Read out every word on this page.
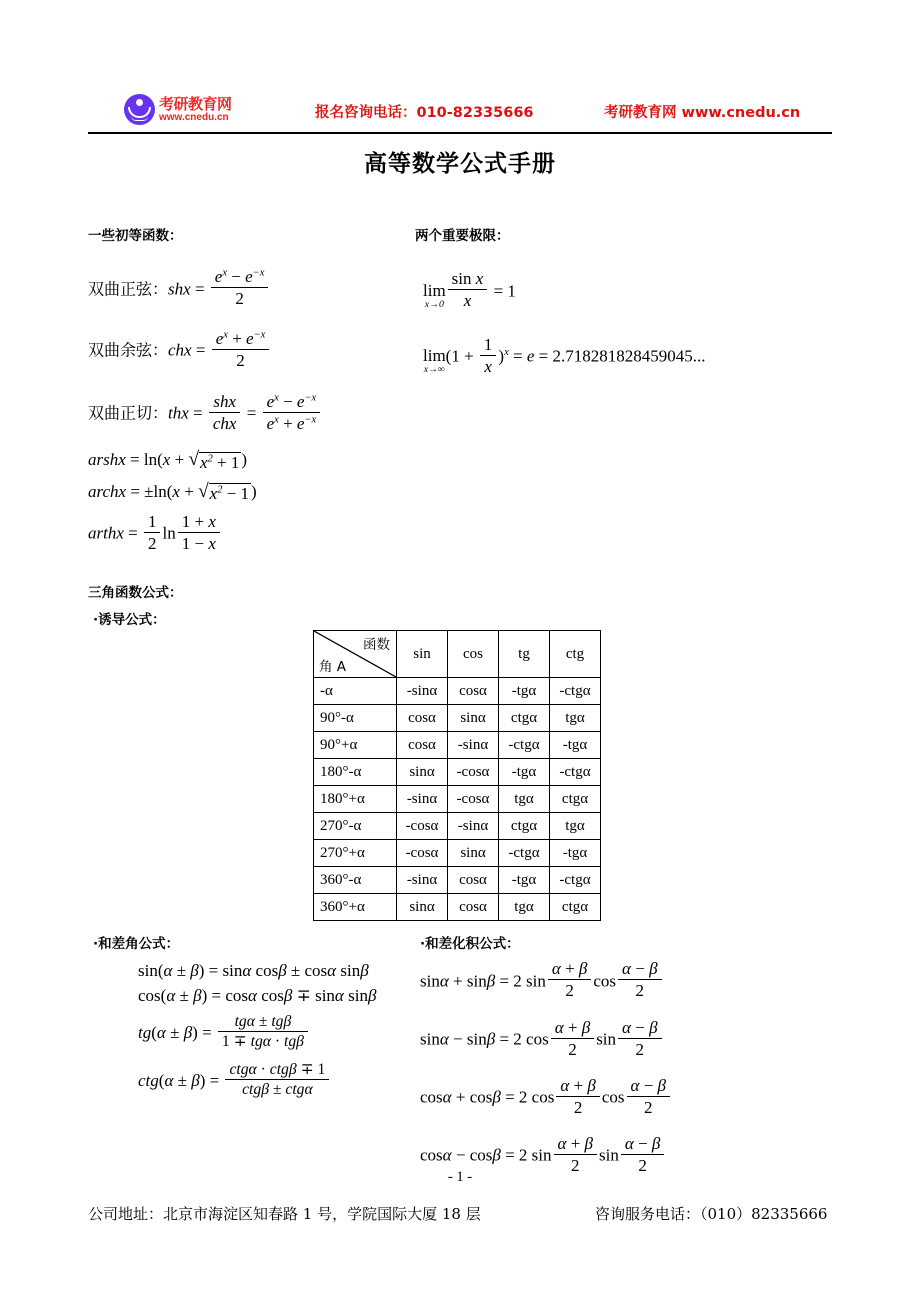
考研教育网
www.cnedu.cn	报名咨询电话：010-82335666	考研教育网 www.cnedu.cn
高等数学公式手册
一些初等函数：
双曲正弦：shx = $\frac{e^x - e^{-x}}{2}$
双曲余弦：chx = $\frac{e^x + e^{-x}}{2}$
双曲正切：thx = $\frac{\text{shx}}{\text{chx}} = \frac{e^x - e^{-x}}{e^x + e^{-x}}$
arshx = ln(x + √ $x^2 + 1$ )
archx = ±ln(x + √ $x^2 - 1$ )
arthx = $\frac{1}{2}$ $\ln \frac{1 + x}{1 - x}$
两个重要极限：
lim
$x\to 0 \frac{\text{sin x}}{x} = 1$
lim
x→∞
$(1 + \frac{1}{x} )^x = e = 2.718281828459045$...
三角函数公式：
·诱导公式：
函数
角 A	sin	cos	tg	ctg
-α	-sinα	cosα	-tgα	-ctgα
90°-α	cosα	sinα	ctgα	tgα
90°+α	cosα	-sinα	-ctgα	-tgα
180°-α	sinα	-cosα	-tgα	-ctgα
180°+α	-sinα	-cosα	tgα	ctgα
270°-α	-cosα	-sinα	ctgα	tgα
270°+α	-cosα	sinα	-ctgα	-tgα
360°-α	-sinα	cosα	-tgα	-ctgα
360°+α	sinα	cosα	tgα	ctgα
·和差角公式：
sin(α ± β) = sinα cosβ ± cosα sinβ
cos(α ± β) = cosα cosβ ∓ sinα sinβ
$tg(\alpha \pm \beta) = \frac{\text{tgα ± tgβ}}{\text{1 ∓ tgα · tgβ}}$
$ctg(\alpha \pm \beta) = \frac{\text{ctgα · ctgβ ∓ 1}}{\text{ctgβ ± ctgα}}$
·和差化积公式：
sinα + sinβ = 2 $\sin \frac{\alpha + \beta}{2}$ $\cos \frac{\alpha - \beta}{2}$
sinα − sinβ = 2 $\cos \frac{\alpha + \beta}{2}$ $\sin \frac{\alpha - \beta}{2}$
cosα + cosβ = 2 $\cos \frac{\alpha + \beta}{2}$ $\cos \frac{\alpha - \beta}{2}$
cosα − cosβ = 2 $\sin \frac{\alpha + \beta}{2}$ $\sin \frac{\alpha - \beta}{2}$
- 1 -
公司地址：北京市海淀区知春路 1 号，学院国际大厦 18 层	咨询服务电话：（010）82335666
